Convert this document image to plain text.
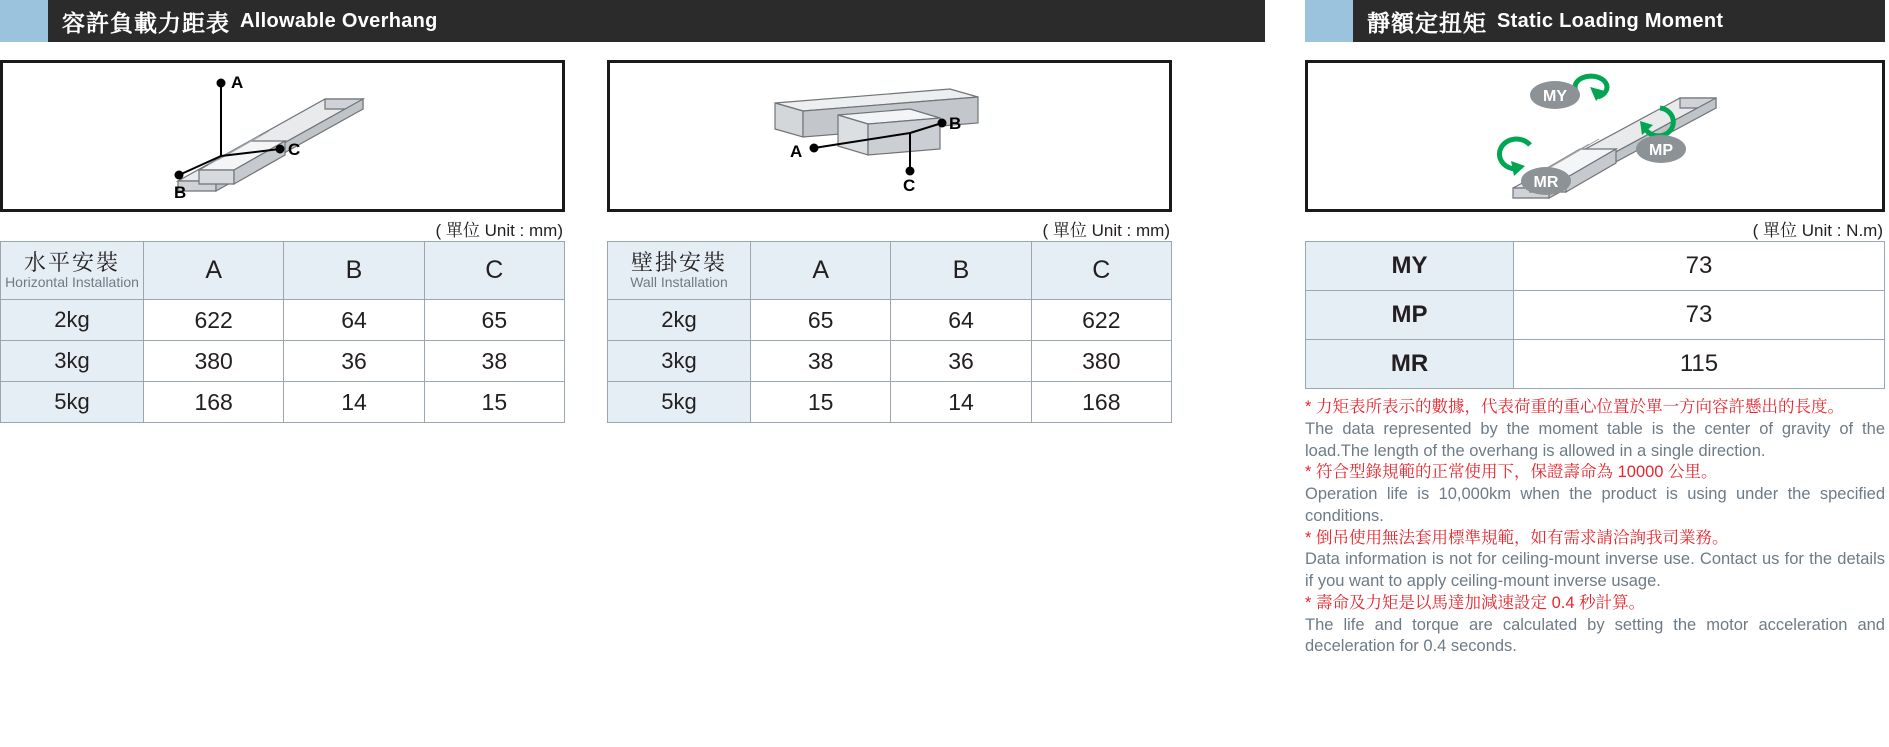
容許負載力距表 Allowable Overhang
A
B
C
( 單位 Unit : mm)
水平安裝
Horizontal Installation	A	B	C
2kg	622	64	65
3kg	380	36	38
5kg	168	14	15
A
B
C
( 單位 Unit : mm)
壁掛安裝
Wall Installation	A	B	C
2kg	65	64	622
3kg	38	36	380
5kg	15	14	168
靜額定扭矩 Static Loading Moment
MY
MP
MR
( 單位 Unit : N.m)
MY	73
MP	73
MR	115
* 力矩表所表示的數據，代表荷重的重心位置於單一方向容許懸出的長度。
The data represented by the moment table is the center of gravity of the load.The length of the overhang is allowed in a single direction.
* 符合型錄規範的正常使用下，保證壽命為 10000 公里。
Operation life is 10,000km when the product is using under the specified conditions.
* 倒吊使用無法套用標準規範，如有需求請洽詢我司業務。
Data information is not for ceiling-mount inverse use. Contact us for the details if you want to apply ceiling-mount inverse usage.
* 壽命及力矩是以馬達加減速設定 0.4 秒計算。
The life and torque are calculated by setting the motor acceleration and deceleration for 0.4 seconds.
